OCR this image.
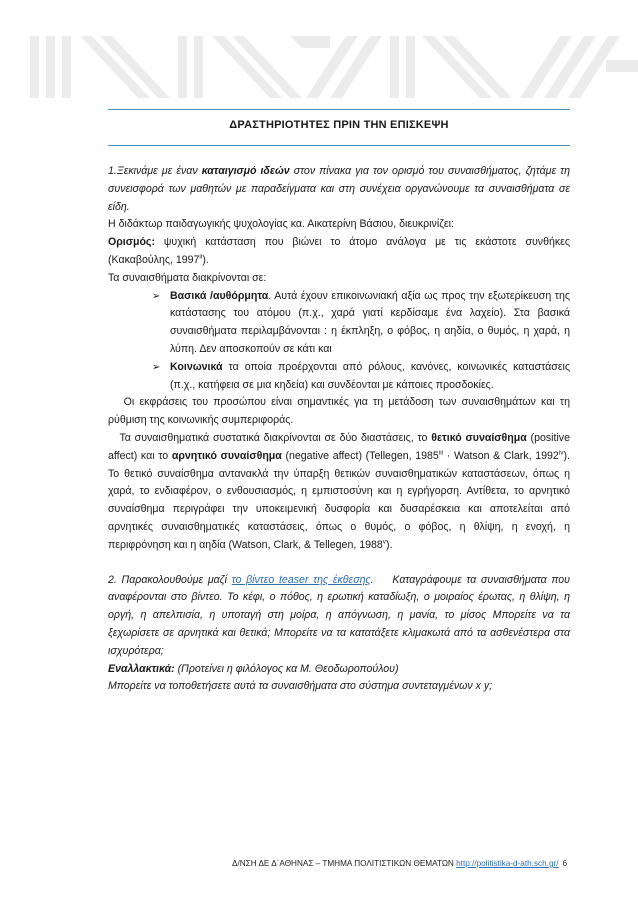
ΔΡΑΣΤΗΡΙΟΤΗΤΕΣ ΠΡΙΝ ΤΗΝ ΕΠΙΣΚΕΨΗ

1.Ξεκινάμε με έναν καταιγισμό ιδεών στον πίνακα για τον ορισμό του συναισθήματος, ζητάμε τη συνεισφορά των μαθητών με παραδείγματα και στη συνέχεια οργανώνουμε τα συναισθήματα σε είδη.

Η διδάκτωρ παιδαγωγικής ψυχολογίας κα. Αικατερίνη Βάσιου, διευκρινίζει:

Ορισμός: ψυχική κατάσταση που βιώνει το άτομο ανάλογα με τις εκάστοτε συνθήκες (Κακαβούλης, 1997$^{ii}$).

Τα συναισθήματα διακρίνονται σε:

➢ Βασικά /αυθόρμητα. Αυτά έχουν επικοινωνιακή αξία ως προς την εξωτερίκευση της κατάστασης του ατόμου (π.χ., χαρά γιατί κερδίσαμε ένα λαχείο). Στα βασικά συναισθήματα περιλαμβάνονται : η έκπληξη, ο φόβος, η αηδία, ο θυμός, η χαρά, η λύπη. Δεν αποσκοπούν σε κάτι και
➢ Κοινωνικά τα οποία προέρχονται από ρόλους, κανόνες, κοινωνικές καταστάσεις (π.χ., κατήφεια σε μια κηδεία) και συνδέονται με κάποιες προσδοκίες.

Οι εκφράσεις του προσώπου είναι σημαντικές για τη μετάδοση των συναισθημάτων και τη ρύθμιση της κοινωνικής συμπεριφοράς.

Τα συναισθηματικά συστατικά διακρίνονται σε δύο διαστάσεις, το θετικό συναίσθημα (positive affect) και το αρνητικό συναίσθημα (negative affect) (Tellegen, $1985^{iii}$ · Watson & Clark, 1992$^{iv}$). Το θετικό συναίσθημα αντανακλά την ύπαρξη θετικών συναισθηματικών καταστάσεων, όπως η χαρά, το ενδιαφέρον, ο ενθουσιασμός, η εμπιστοσύνη και η εγρήγορση. Αντίθετα, το αρνητικό συναίσθημα περιγράφει την υποκειμενική δυσφορία και δυσαρέσκεια και αποτελείται από αρνητικές συναισθηματικές καταστάσεις, όπως ο θυμός, ο φόβος, η θλίψη, η ενοχή, η περιφρόνηση και η αηδία (Watson, Clark, & Tellegen, 1988$^v$).

2. Παρακολουθούμε μαζί το βίντεο teaser της έκθεσης.    Καταγράφουμε τα συναισθήματα που αναφέρονται στο βίντεο. Το κέφι, ο πόθος, η ερωτική καταδίωξη, ο μοιραίος έρωτας, η θλίψη, η οργή, η απελπισία, η υποταγή στη μοίρα, η απόγνωση, η μανία, το μίσος Μπορείτε να τα ξεχωρίσετε σε αρνητικά και θετικά; Μπορείτε να τα κατατάξετε κλιμακωτά από τα ασθενέστερα στα ισχυρότερα;

Εναλλακτικά: (Προτείνει η φιλόλογος κα Μ. Θεοδωροπούλου)

Μπορείτε να τοποθετήσετε αυτά τα συναισθήματα στο σύστημα συντεταγμένων x y;

Δ/ΝΣΗ ΔΕ Δ΄ΑΘΗΝΑΣ – ΤΜΗΜΑ ΠΟΛΙΤΙΣΤΙΚΩΝ ΘΕΜΑΤΩΝ http://politistika-d-ath.sch.gr/ 6
